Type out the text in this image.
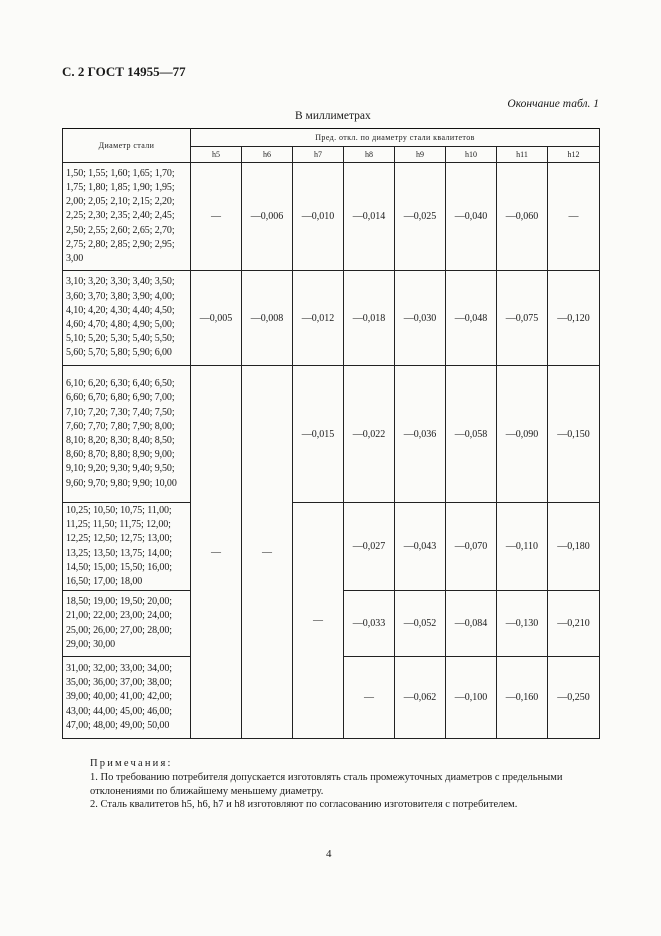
С. 2 ГОСТ 14955—77
Окончание табл. 1
В миллиметрах
Диаметр стали	Пред. откл. по диаметру стали квалитетов							
	h5	h6	h7	h8	h9	h10	h11	h12
1,50; 1,55; 1,60; 1,65; 1,70; 1,75; 1,80; 1,85; 1,90; 1,95; 2,00; 2,05; 2,10; 2,15; 2,20; 2,25; 2,30; 2,35; 2,40; 2,45; 2,50; 2,55; 2,60; 2,65; 2,70; 2,75; 2,80; 2,85; 2,90; 2,95; 3,00	—	—0,006	—0,010	—0,014	—0,025	—0,040	—0,060	—
3,10; 3,20; 3,30; 3,40; 3,50; 3,60; 3,70; 3,80; 3,90; 4,00; 4,10; 4,20; 4,30; 4,40; 4,50; 4,60; 4,70; 4,80; 4,90; 5,00; 5,10; 5,20; 5,30; 5,40; 5,50; 5,60; 5,70; 5,80; 5,90; 6,00	—0,005	—0,008	—0,012	—0,018	—0,030	—0,048	—0,075	—0,120
6,10; 6,20; 6,30; 6,40; 6,50; 6,60; 6,70; 6,80; 6,90; 7,00; 7,10; 7,20; 7,30; 7,40; 7,50; 7,60; 7,70; 7,80; 7,90; 8,00; 8,10; 8,20; 8,30; 8,40; 8,50; 8,60; 8,70; 8,80; 8,90; 9,00; 9,10; 9,20; 9,30; 9,40; 9,50; 9,60; 9,70; 9,80; 9,90; 10,00	—	—	—0,015	—0,022	—0,036	—0,058	—0,090	—0,150
10,25; 10,50; 10,75; 11,00; 11,25; 11,50; 11,75; 12,00; 12,25; 12,50; 12,75; 13,00; 13,25; 13,50; 13,75; 14,00; 14,50; 15,00; 15,50; 16,00; 16,50; 17,00; 18,00			—	—0,027	—0,043	—0,070	—0,110	—0,180
18,50; 19,00; 19,50; 20,00; 21,00; 22,00; 23,00; 24,00; 25,00; 26,00; 27,00; 28,00; 29,00; 30,00				—0,033	—0,052	—0,084	—0,130	—0,210
31,00; 32,00; 33,00; 34,00; 35,00; 36,00; 37,00; 38,00; 39,00; 40,00; 41,00; 42,00; 43,00; 44,00; 45,00; 46,00; 47,00; 48,00; 49,00; 50,00				—	—0,062	—0,100	—0,160	—0,250
Примечания:
1. По требованию потребителя допускается изготовлять сталь промежуточных диаметров с предельными отклонениями по ближайшему меньшему диаметру.
2. Сталь квалитетов h5, h6, h7 и h8 изготовляют по согласованию изготовителя с потребителем.
4
